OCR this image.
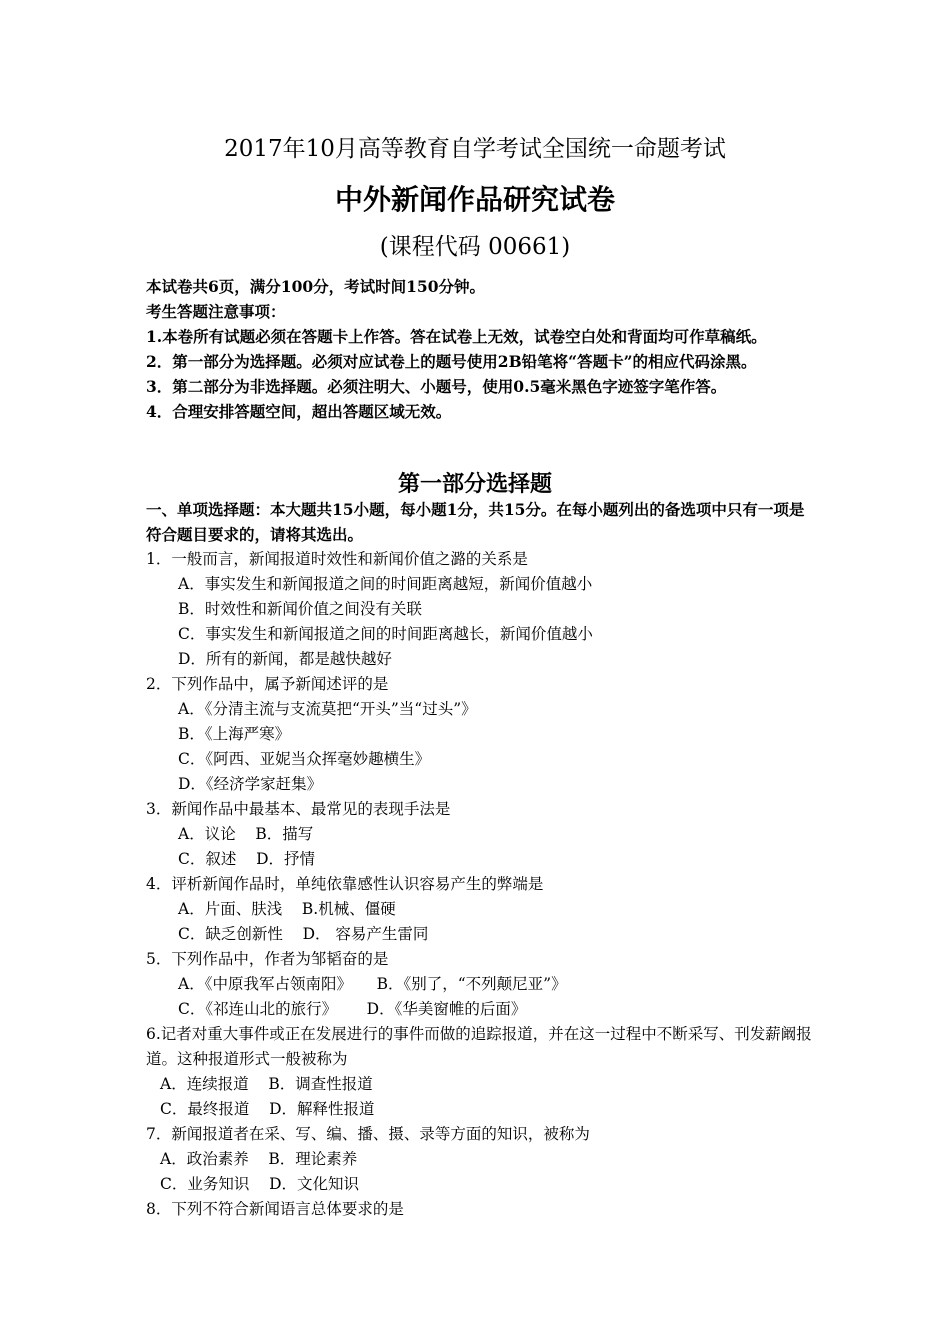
2017年10月高等教育自学考试全国统一命题考试
中外新闻作品研究试卷
(课程代码 00661)

本试卷共6页，满分100分，考试时间150分钟。

考生答题注意事项：

1.本卷所有试题必须在答题卡上作答。答在试卷上无效，试卷空白处和背面均可作草稿纸。

2．第一部分为选择题。必须对应试卷上的题号使用2B铅笔将“答题卡”的相应代码涂黑。

3．第二部分为非选择题。必须注明大、小题号，使用0.5毫米黑色字迹签字笔作答。

4．合理安排答题空间，超出答题区域无效。

第一部分选择题
一、单项选择题：本大题共15小题，每小题1分，共15分。在每小题列出的备选项中只有一项是符合题目要求的，请将其选出。

1．一般而言，新闻报道时效性和新闻价值之潞的关系是

A．事实发生和新闻报道之间的时间距离越短，新闻价值越小

B．时效性和新闻价值之间没有关联

C．事实发生和新闻报道之间的时间距离越长，新闻价值越小

D．所有的新闻，都是越快越好

2．下列作品中，属予新闻述评的是

A．《分清主流与支流莫把“开头”当“过头”》

B．《上海严寒》

C．《阿西、亚妮当众挥毫妙趣横生》

D．《经济学家赶集》

3．新闻作品中最基本、最常见的表现手法是

A．议论    B．描写

C．叙述    D．抒情

4．评析新闻作品时，单纯依靠感性认识容易产生的弊端是

A．片面、肤浅    B.机械、僵硬

C．缺乏创新性    D． 容易产生雷同

5．下列作品中，作者为邹韬奋的是

A．《中原我军占领南阳》     B．《别了，“不列颠尼亚”》

C．《祁连山北的旅行》      D．《华美窗帷的后面》

6.记者对重大事件或正在发展进行的事件而做的追踪报道，并在这一过程中不断采写、刊发薪阚报道。这种报道形式一般被称为

A．连续报道    B．调查性报道

C．最终报道    D．解释性报道

7．新闻报道者在采、写、编、播、摄、录等方面的知识，被称为

A．政治素养    B．理论素养

C．业务知识    D．文化知识

8．下列不符合新闻语言总体要求的是
